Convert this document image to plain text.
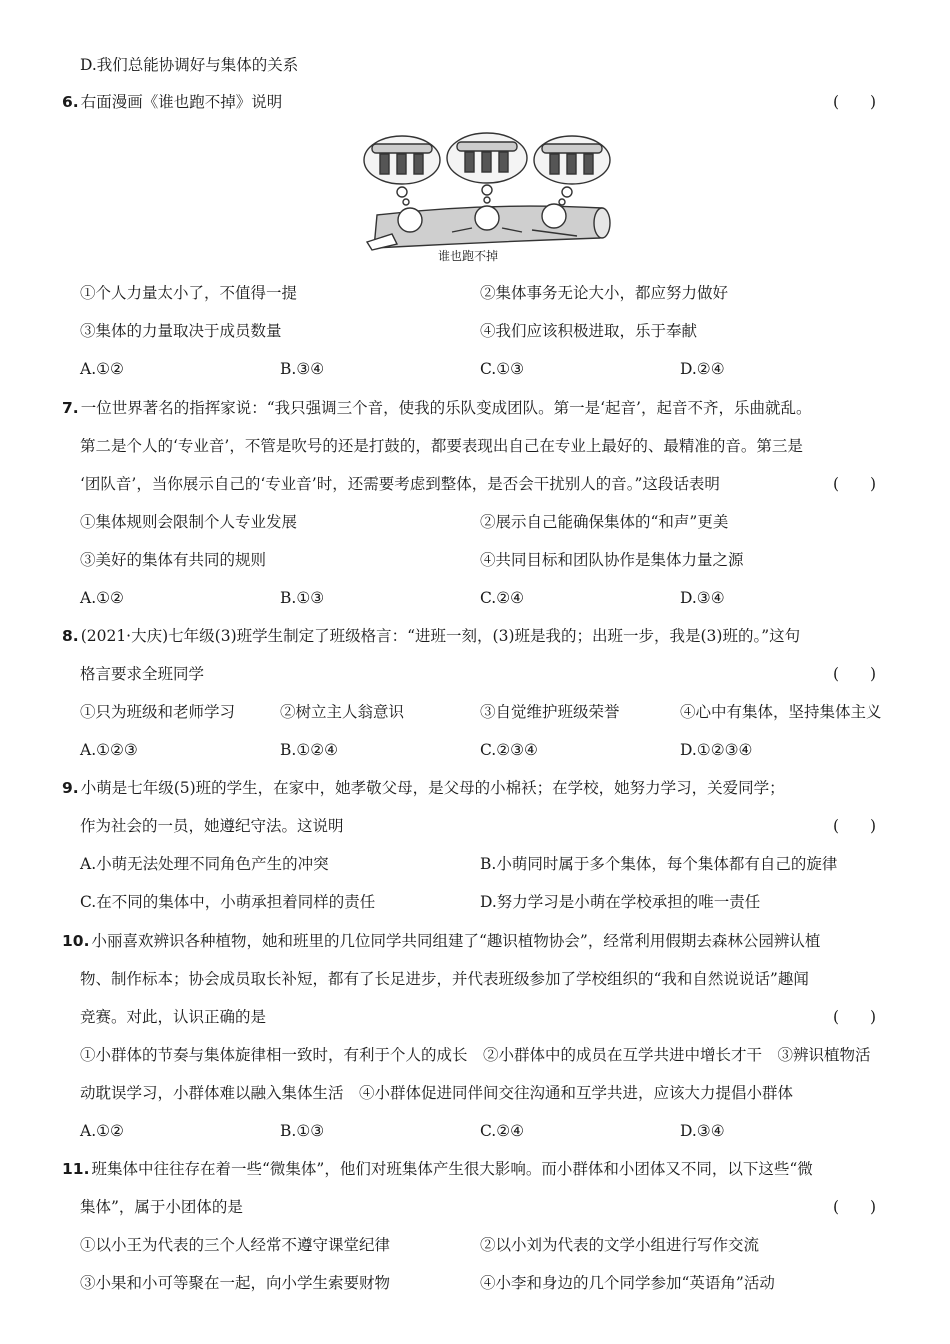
D.我们总能协调好与集体的关系
6. 右面漫画《谁也跑不掉》说明	(　　)
谁也跑不掉
①个人力量太小了，不值得一提	②集体事务无论大小，都应努力做好
③集体的力量取决于成员数量	④我们应该积极进取，乐于奉献
A.①②	B.③④	C.①③	D.②④
7. 一位世界著名的指挥家说：“我只强调三个音，使我的乐队变成团队。第一是‘起音’，起音不齐，乐曲就乱。
第二是个人的‘专业音’，不管是吹号的还是打鼓的，都要表现出自己在专业上最好的、最精准的音。第三是
‘团队音’，当你展示自己的‘专业音’时，还需要考虑到整体，是否会干扰别人的音。”这段话表明	(　　)
①集体规则会限制个人专业发展	②展示自己能确保集体的“和声”更美
③美好的集体有共同的规则	④共同目标和团队协作是集体力量之源
A.①②	B.①③	C.②④	D.③④
8. (2021·大庆)七年级(3)班学生制定了班级格言：“进班一刻，(3)班是我的；出班一步，我是(3)班的。”这句
格言要求全班同学	(　　)
①只为班级和老师学习	②树立主人翁意识	③自觉维护班级荣誉	④心中有集体，坚持集体主义
A.①②③	B.①②④	C.②③④	D.①②③④
9. 小萌是七年级(5)班的学生，在家中，她孝敬父母，是父母的小棉袄；在学校，她努力学习，关爱同学；
作为社会的一员，她遵纪守法。这说明	(　　)
A.小萌无法处理不同角色产生的冲突	B.小萌同时属于多个集体，每个集体都有自己的旋律
C.在不同的集体中，小萌承担着同样的责任	D.努力学习是小萌在学校承担的唯一责任
10. 小丽喜欢辨识各种植物，她和班里的几位同学共同组建了“趣识植物协会”，经常利用假期去森林公园辨认植
物、制作标本；协会成员取长补短，都有了长足进步，并代表班级参加了学校组织的“我和自然说说话”趣闻
竞赛。对此，认识正确的是	(　　)
①小群体的节奏与集体旋律相一致时，有利于个人的成长　②小群体中的成员在互学共进中增长才干　③辨识植物活
动耽误学习，小群体难以融入集体生活　④小群体促进同伴间交往沟通和互学共进，应该大力提倡小群体
A.①②	B.①③	C.②④	D.③④
11. 班集体中往往存在着一些“微集体”，他们对班集体产生很大影响。而小群体和小团体又不同，以下这些“微
集体”，属于小团体的是	(　　)
①以小王为代表的三个人经常不遵守课堂纪律	②以小刘为代表的文学小组进行写作交流
③小果和小可等聚在一起，向小学生索要财物	④小李和身边的几个同学参加“英语角”活动
